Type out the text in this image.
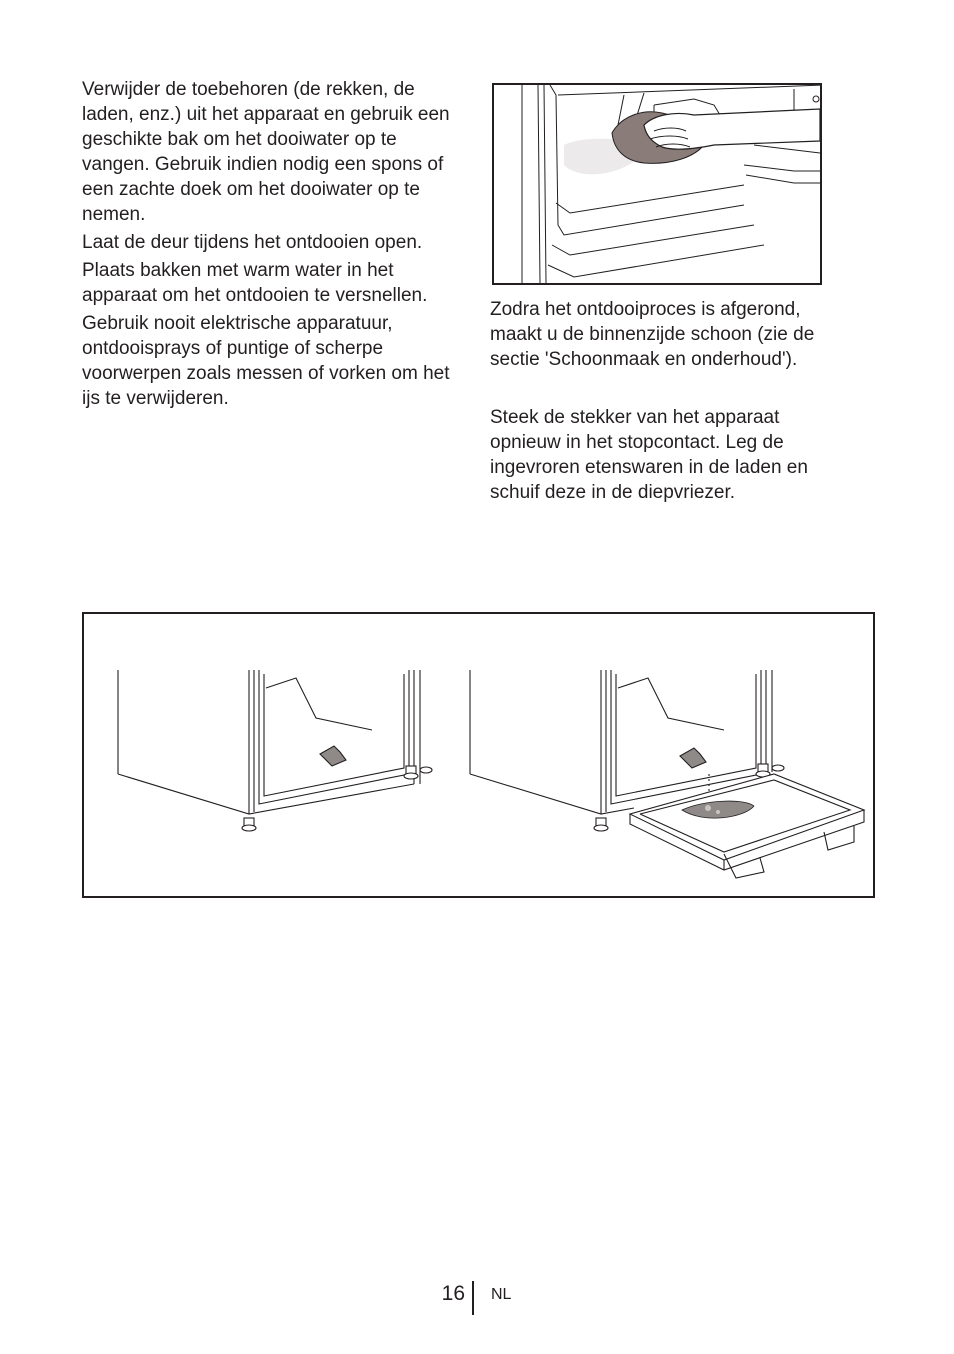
Verwijder de toebehoren (de rekken, de laden, enz.) uit het apparaat en gebruik een geschikte bak om het dooiwater op te vangen. Gebruik indien nodig een spons of een zachte doek om het dooiwater op te nemen.

Laat de deur tijdens het ontdooien open.

Plaats bakken met warm water in het apparaat om het ontdooien te versnellen.

Gebruik nooit elektrische apparatuur, ontdooisprays of puntige of scherpe voorwerpen zoals messen of vorken om het ijs te verwijderen.

Zodra het ontdooiproces is afgerond, maakt u de binnenzijde schoon (zie de sectie 'Schoonmaak en onderhoud').

Steek de stekker van het apparaat opnieuw in het stopcontact. Leg de ingevroren etenswaren in de laden en schuif deze in de diepvriezer.

16 NL
